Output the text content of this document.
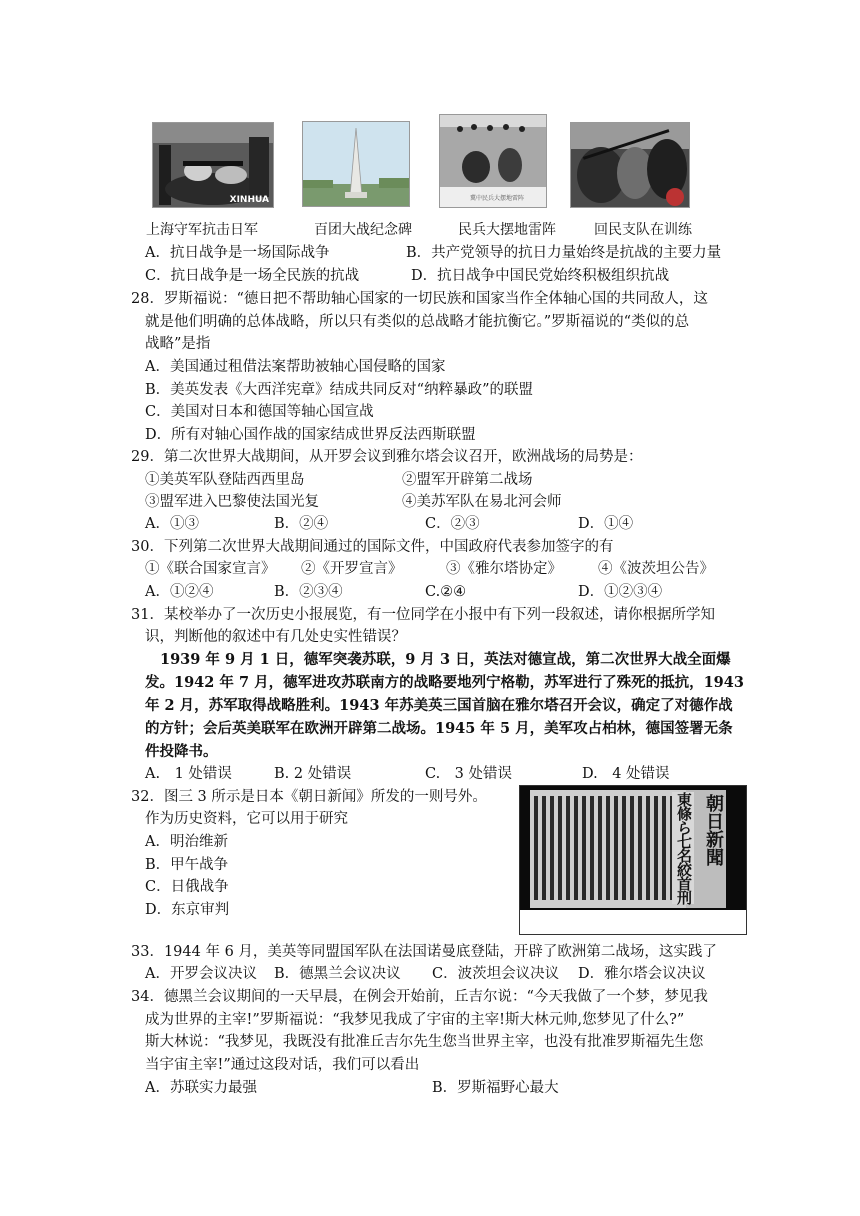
XINHUA	冀中民兵大摆地雷阵
上海守军抗击日军	百团大战纪念碑	民兵大摆地雷阵	回民支队在训练
A．抗日战争是一场国际战争	B．共产党领导的抗日力量始终是抗战的主要力量
C．抗日战争是一场全民族的抗战	D．抗日战争中国民党始终积极组织抗战
28．罗斯福说：“德日把不帮助轴心国家的一切民族和国家当作全体轴心国的共同敌人，这
就是他们明确的总体战略，所以只有类似的总战略才能抗衡它。”罗斯福说的“类似的总
战略”是指
A．美国通过租借法案帮助被轴心国侵略的国家
B．美英发表《大西洋宪章》结成共同反对“纳粹暴政”的联盟
C．美国对日本和德国等轴心国宣战
D．所有对轴心国作战的国家结成世界反法西斯联盟
29．第二次世界大战期间，从开罗会议到雅尔塔会议召开，欧洲战场的局势是：
①美英军队登陆西西里岛	②盟军开辟第二战场
③盟军进入巴黎使法国光复	④美苏军队在易北河会师
A．①③	B．②④	C．②③	D．①④
30．下列第二次世界大战期间通过的国际文件，中国政府代表参加签字的有
①《联合国家宣言》 ②《开罗宣言》	③《雅尔塔协定》 ④《波茨坦公告》
A．①②④	B．②③④	C.②④	D．①②③④
31．某校举办了一次历史小报展览，有一位同学在小报中有下列一段叙述，请你根据所学知
识，判断他的叙述中有几处史实性错误？
1939 年 9 月 1 日，德军突袭苏联，9 月 3 日，英法对德宣战，第二次世界大战全面爆
发。1942 年 7 月，德军进攻苏联南方的战略要地列宁格勒，苏军进行了殊死的抵抗，1943
年 2 月，苏军取得战略胜利。1943 年苏美英三国首脑在雅尔塔召开会议，确定了对德作战
的方针；会后英美联军在欧洲开辟第二战场。1945 年 5 月，美军攻占柏林，德国签署无条
件投降书。
A.　1 处错误	B. 2 处错误	C.　3 处错误	D.　4 处错误
32．图三 3 所示是日本《朝日新闻》所发的一则号外。
作为历史资料，它可以用于研究
A．明治维新
B．甲午战争
C．日俄战争
D．东京审判
東條ら七名絞首刑 朝日新聞
33．1944 年 6 月，美英等同盟国军队在法国诺曼底登陆，开辟了欧洲第二战场，这实践了
A．开罗会议决议 B．德黑兰会议决议 C．波茨坦会议决议 D．雅尔塔会议决议
34．德黑兰会议期间的一天早晨，在例会开始前，丘吉尔说：“今天我做了一个梦，梦见我
成为世界的主宰!”罗斯福说：“我梦见我成了宇宙的主宰!斯大林元帅,您梦见了什么?”
斯大林说：“我梦见，我既没有批准丘吉尔先生您当世界主宰，也没有批准罗斯福先生您
当宇宙主宰!”通过这段对话，我们可以看出
A．苏联实力最强	B．罗斯福野心最大
